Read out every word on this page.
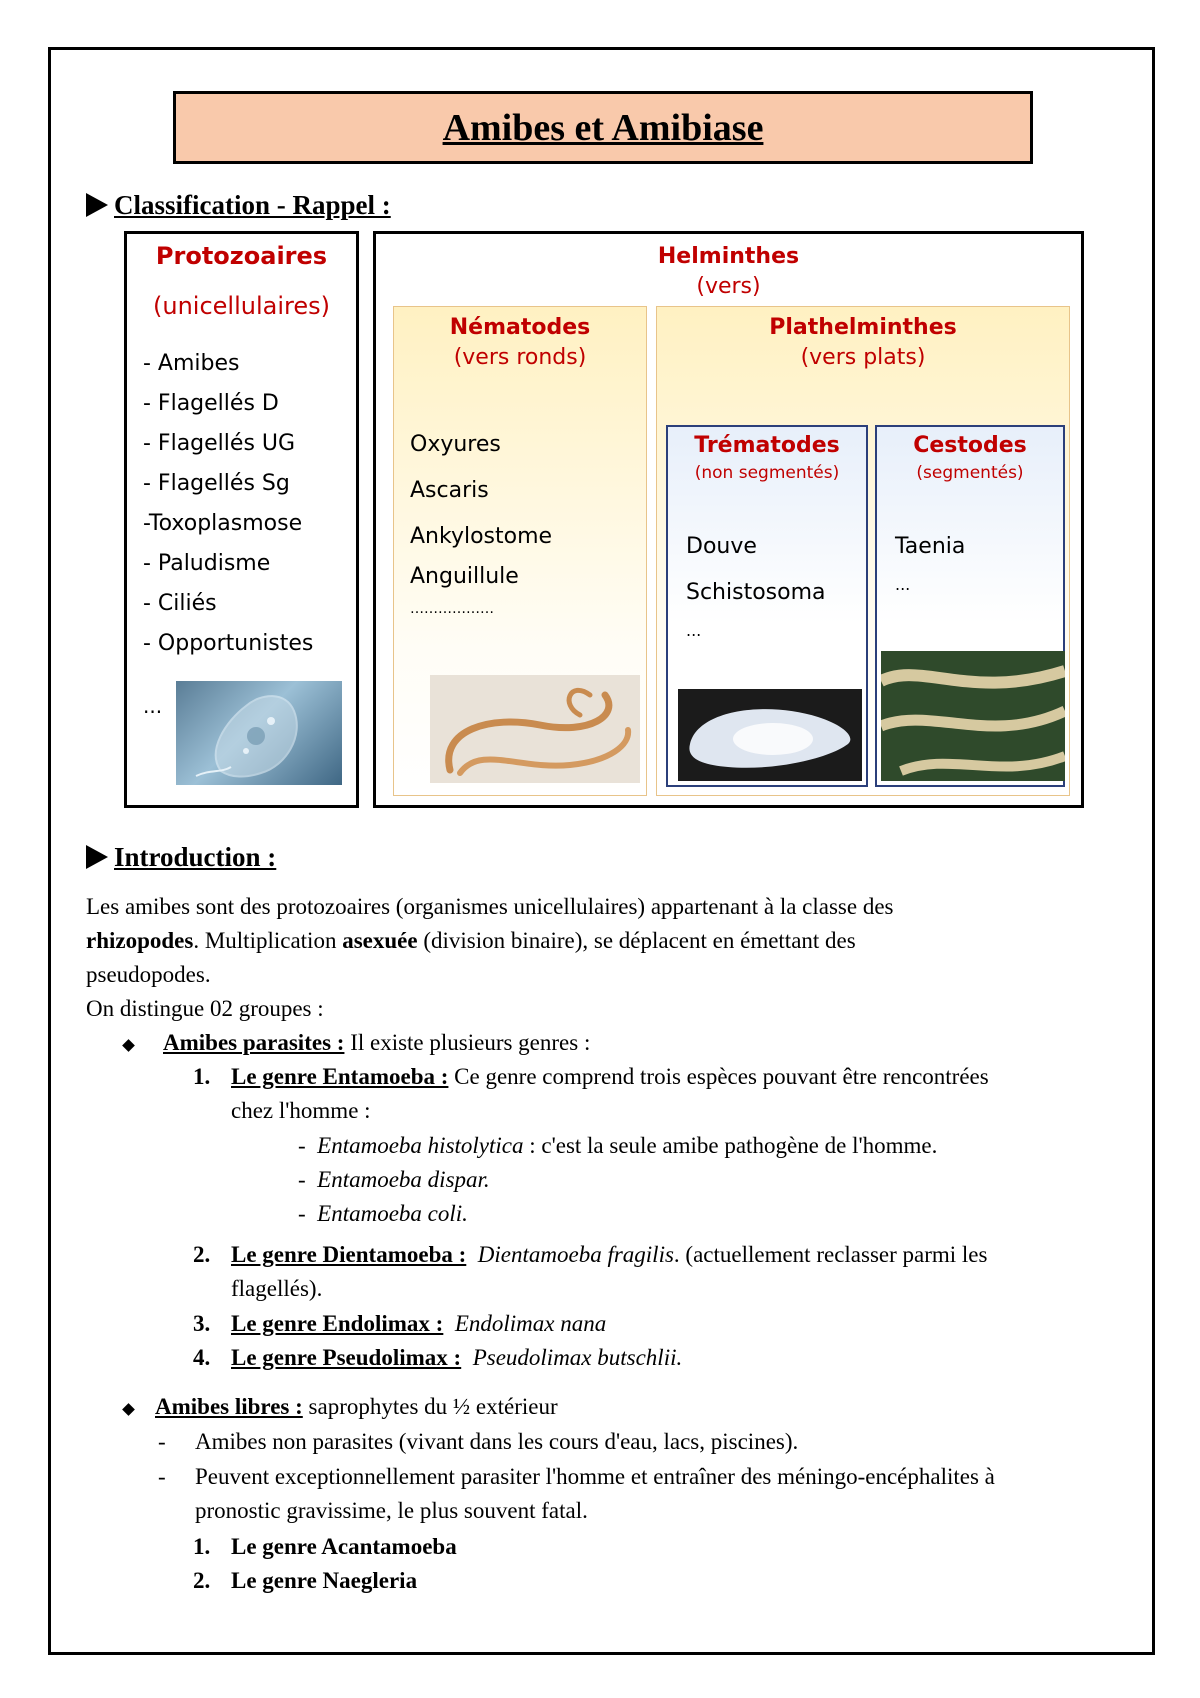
Amibes et Amibiase
Classification - Rappel :
Protozoaires
(unicellulaires)
- Amibes
- Flagellés D
- Flagellés UG
- Flagellés Sg
-Toxoplasmose
- Paludisme
- Ciliés
- Opportunistes
...
Helminthes
(vers)
Nématodes
(vers ronds)
Oxyures
Ascaris
Ankylostome
Anguillule
………………
Plathelminthes
(vers plats)
Trématodes
(non segmentés)
Douve
Schistosoma
...
Cestodes
(segmentés)
Taenia
...
Introduction :

Les amibes sont des protozoaires (organismes unicellulaires) appartenant à la classe des

rhizopodes. Multiplication asexuée (division binaire), se déplacent en émettant des

pseudopodes.

On distingue 02 groupes :

Amibes parasites : Il existe plusieurs genres :
1. Le genre Entamoeba : Ce genre comprend trois espèces pouvant être rencontrées
chez l'homme :
- Entamoeba histolytica : c'est la seule amibe pathogène de l'homme.
- Entamoeba dispar.
- Entamoeba coli.
2. Le genre Dientamoeba : Dientamoeba fragilis. (actuellement reclasser parmi les
flagellés).
3. Le genre Endolimax : Endolimax nana
4. Le genre Pseudolimax : Pseudolimax butschlii.
Amibes libres : saprophytes du ½ extérieur
- Amibes non parasites (vivant dans les cours d'eau, lacs, piscines).
- Peuvent exceptionnellement parasiter l'homme et entraîner des méningo-encéphalites à
pronostic gravissime, le plus souvent fatal.
1. Le genre Acantamoeba
2. Le genre Naegleria
